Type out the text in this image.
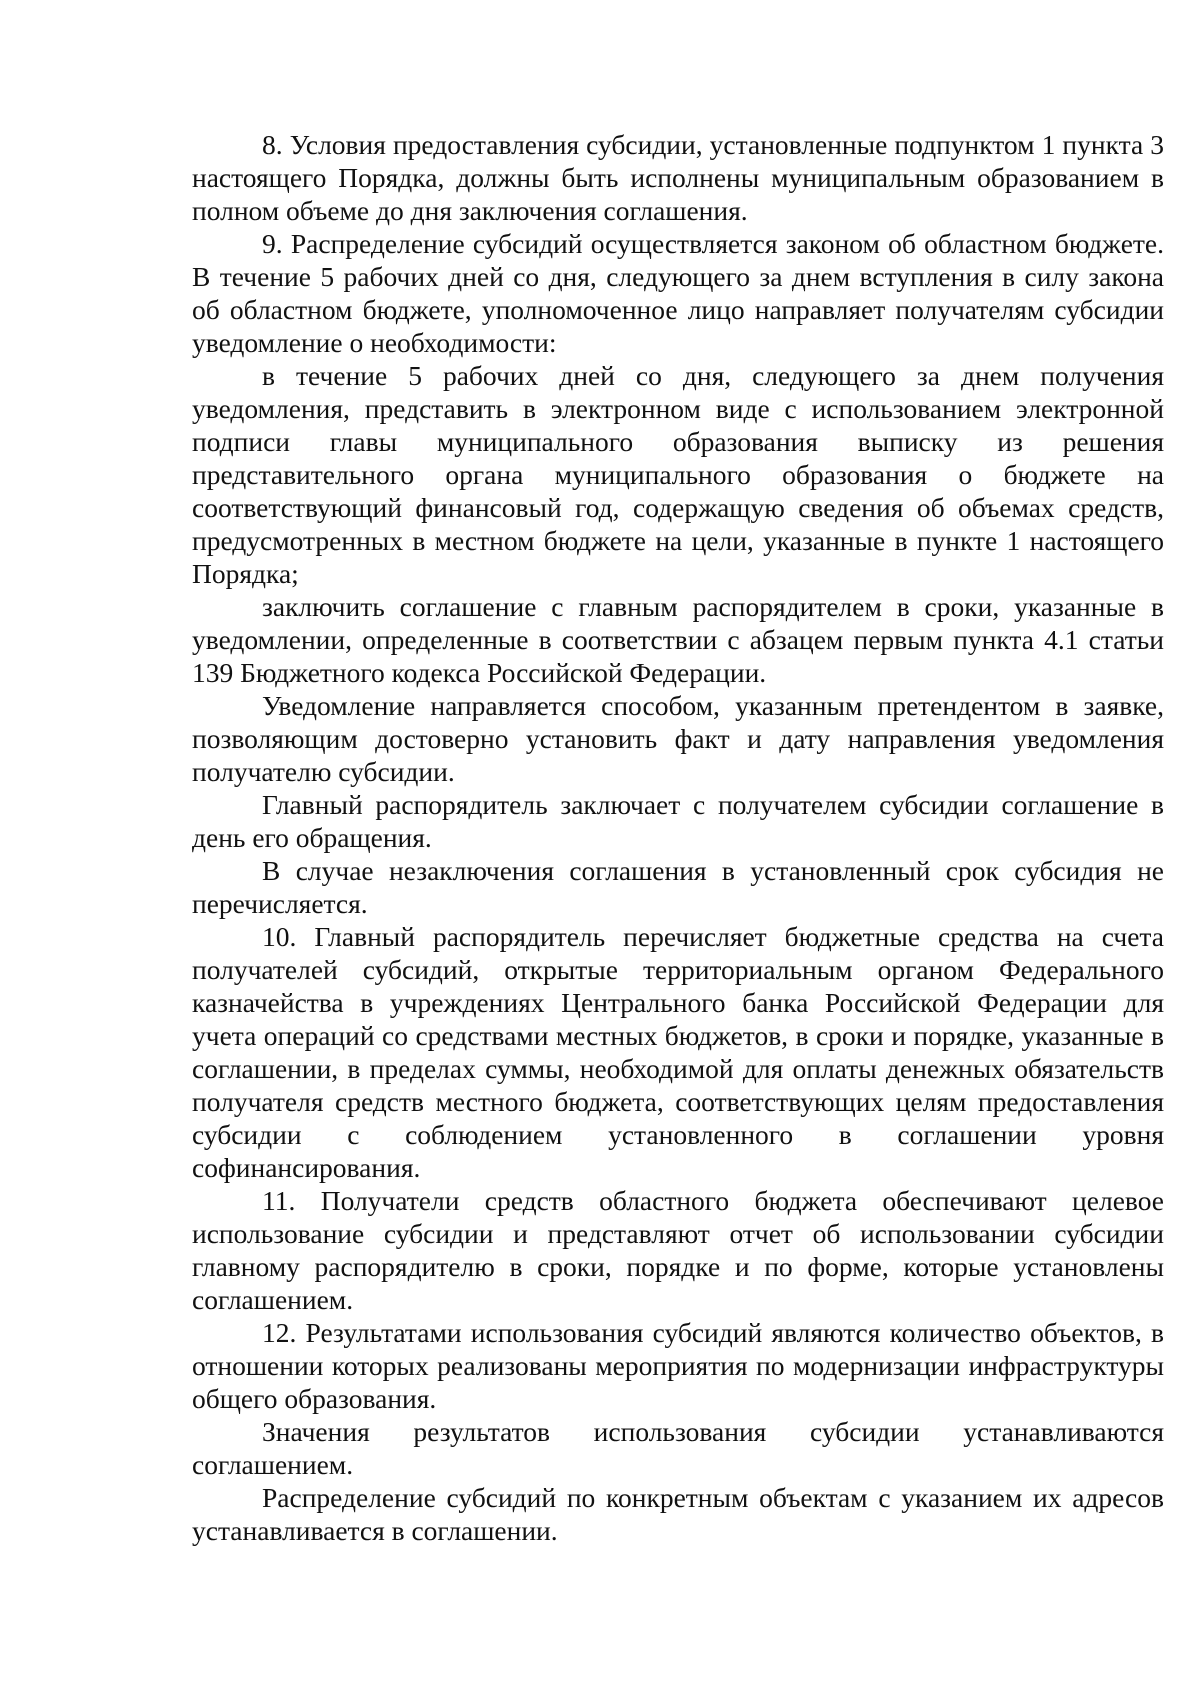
8. Условия предоставления субсидии, установленные подпунктом 1 пункта 3 настоящего Порядка, должны быть исполнены муниципальным образованием в полном объеме до дня заключения соглашения.

9. Распределение субсидий осуществляется законом об областном бюджете. В течение 5 рабочих дней со дня, следующего за днем вступления в силу закона об областном бюджете, уполномоченное лицо направляет получателям субсидии уведомление о необходимости:

в течение 5 рабочих дней со дня, следующего за днем получения уведомления, представить в электронном виде с использованием электронной подписи главы муниципального образования выписку из решения представительного органа муниципального образования о бюджете на соответствующий финансовый год, содержащую сведения об объемах средств, предусмотренных в местном бюджете на цели, указанные в пункте 1 настоящего Порядка;

заключить соглашение с главным распорядителем в сроки, указанные в уведомлении, определенные в соответствии с абзацем первым пункта 4.1 статьи 139 Бюджетного кодекса Российской Федерации.

Уведомление направляется способом, указанным претендентом в заявке, позволяющим достоверно установить факт и дату направления уведомления получателю субсидии.

Главный распорядитель заключает с получателем субсидии соглашение в день его обращения.

В случае незаключения соглашения в установленный срок субсидия не перечисляется.

10. Главный распорядитель перечисляет бюджетные средства на счета получателей субсидий, открытые территориальным органом Федерального казначейства в учреждениях Центрального банка Российской Федерации для учета операций со средствами местных бюджетов, в сроки и порядке, указанные в соглашении, в пределах суммы, необходимой для оплаты денежных обязательств получателя средств местного бюджета, соответствующих целям предоставления субсидии с соблюдением установленного в соглашении уровня софинансирования.

11. Получатели средств областного бюджета обеспечивают целевое использование субсидии и представляют отчет об использовании субсидии главному распорядителю в сроки, порядке и по форме, которые установлены соглашением.

12. Результатами использования субсидий являются количество объектов, в отношении которых реализованы мероприятия по модернизации инфраструктуры общего образования.

Значения результатов использования субсидии устанавливаются соглашением.

Распределение субсидий по конкретным объектам с указанием их адресов устанавливается в соглашении.
